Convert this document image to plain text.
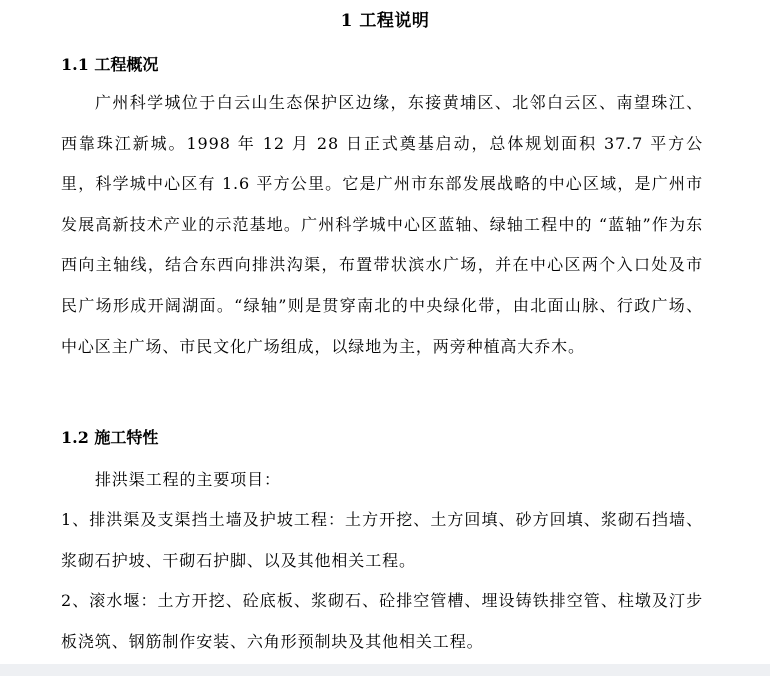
1 工程说明
1.1 工程概况

广州科学城位于白云山生态保护区边缘，东接黄埔区、北邻白云区、南望珠江、西靠珠江新城。1998 年 12 月 28 日正式奠基启动，总体规划面积 37.7 平方公里，科学城中心区有 1.6 平方公里。它是广州市东部发展战略的中心区域，是广州市发展高新技术产业的示范基地。广州科学城中心区蓝轴、绿轴工程中的 “蓝轴”作为东西向主轴线，结合东西向排洪沟渠，布置带状滨水广场，并在中心区两个入口处及市民广场形成开阔湖面。“绿轴”则是贯穿南北的中央绿化带，由北面山脉、行政广场、中心区主广场、市民文化广场组成，以绿地为主，两旁种植高大乔木。

1.2 施工特性

排洪渠工程的主要项目：

1、排洪渠及支渠挡土墙及护坡工程：土方开挖、土方回填、砂方回填、浆砌石挡墙、浆砌石护坡、干砌石护脚、以及其他相关工程。

2、滚水堰：土方开挖、砼底板、浆砌石、砼排空管槽、埋设铸铁排空管、柱墩及汀步板浇筑、钢筋制作安装、六角形预制块及其他相关工程。
